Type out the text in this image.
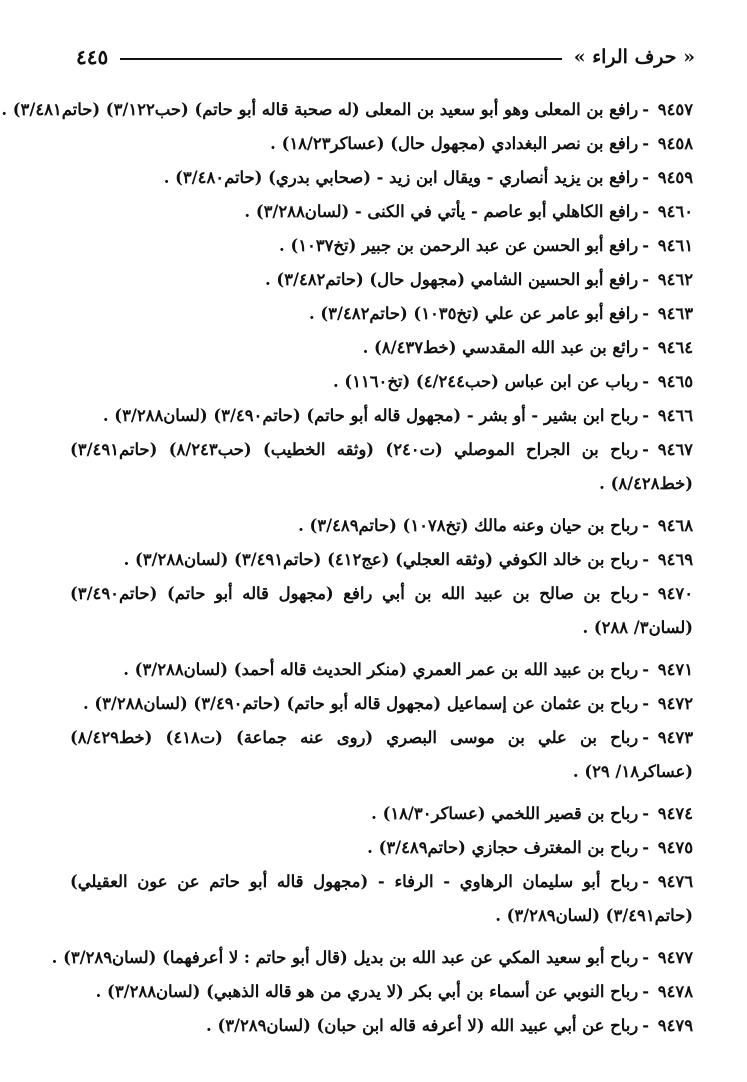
« حرف الراء »
٤٤٥

٩٤٥٧-رافع بن المعلى وهو أبو سعيد بن المعلى (له صحبة قاله أبو حاتم) (حب٣/١٢٢) (حاتم٣/٤٨١) .

٩٤٥٨-رافع بن نصر البغدادي (مجهول حال) (عساكر١٨/٢٣) .

٩٤٥٩-رافع بن يزيد أنصاري - ويقال ابن زيد - (صحابي بدري) (حاتم٣/٤٨٠) .

٩٤٦٠-رافع الكاهلي أبو عاصم - يأتي في الكنى - (لسان٣/٢٨٨) .

٩٤٦١-رافع أبو الحسن عن عبد الرحمن بن جبير (تخ١٠٣٧) .

٩٤٦٢-رافع أبو الحسين الشامي (مجهول حال) (حاتم٣/٤٨٢) .

٩٤٦٣-رافع أبو عامر عن علي (تخ١٠٣٥) (حاتم٣/٤٨٢) .

٩٤٦٤-رائع بن عبد الله المقدسي (خط٨/٤٣٧) .

٩٤٦٥-رباب عن ابن عباس (حب٤/٢٤٤) (تخ١١٦٠) .

٩٤٦٦-رباح ابن بشير - أو بشر - (مجهول قاله أبو حاتم) (حاتم٣/٤٩٠) (لسان٣/٢٨٨) .

٩٤٦٧-رباح بن الجراح الموصلي (ت٢٤٠) (وثقه الخطيب) (حب٨/٢٤٣) (حاتم٣/٤٩١) (خط٨/٤٢٨) .

٩٤٦٨-رباح بن حيان وعنه مالك (تخ١٠٧٨) (حاتم٣/٤٨٩) .

٩٤٦٩-رباح بن خالد الكوفي (وثقه العجلي) (عج٤١٢) (حاتم٣/٤٩١) (لسان٣/٢٨٨) .

٩٤٧٠-رباح بن صالح بن عبيد الله بن أبي رافع (مجهول قاله أبو حاتم) (حاتم٣/٤٩٠) (لسان٣/ ٢٨٨) .

٩٤٧١-رباح بن عبيد الله بن عمر العمري (منكر الحديث قاله أحمد) (لسان٣/٢٨٨) .

٩٤٧٢-رباح بن عثمان عن إسماعيل (مجهول قاله أبو حاتم) (حاتم٣/٤٩٠) (لسان٣/٢٨٨) .

٩٤٧٣-رباح بن علي بن موسى البصري (روى عنه جماعة) (ت٤١٨) (خط٨/٤٢٩) (عساكر١٨/ ٢٩) .

٩٤٧٤-رباح بن قصير اللخمي (عساكر١٨/٣٠) .

٩٤٧٥-رباح بن المغترف حجازي (حاتم٣/٤٨٩) .

٩٤٧٦-رباح أبو سليمان الرهاوي - الرفاء - (مجهول قاله أبو حاتم عن عون العقيلي) (حاتم٣/٤٩١) (لسان٣/٢٨٩) .

٩٤٧٧-رباح أبو سعيد المكي عن عبد الله بن بديل (قال أبو حاتم : لا أعرفهما) (لسان٣/٢٨٩) .

٩٤٧٨-رباح النوبي عن أسماء بن أبي بكر (لا يدري من هو قاله الذهبي) (لسان٣/٢٨٨) .

٩٤٧٩-رباح عن أبي عبيد الله (لا أعرفه قاله ابن حبان) (لسان٣/٢٨٩) .
